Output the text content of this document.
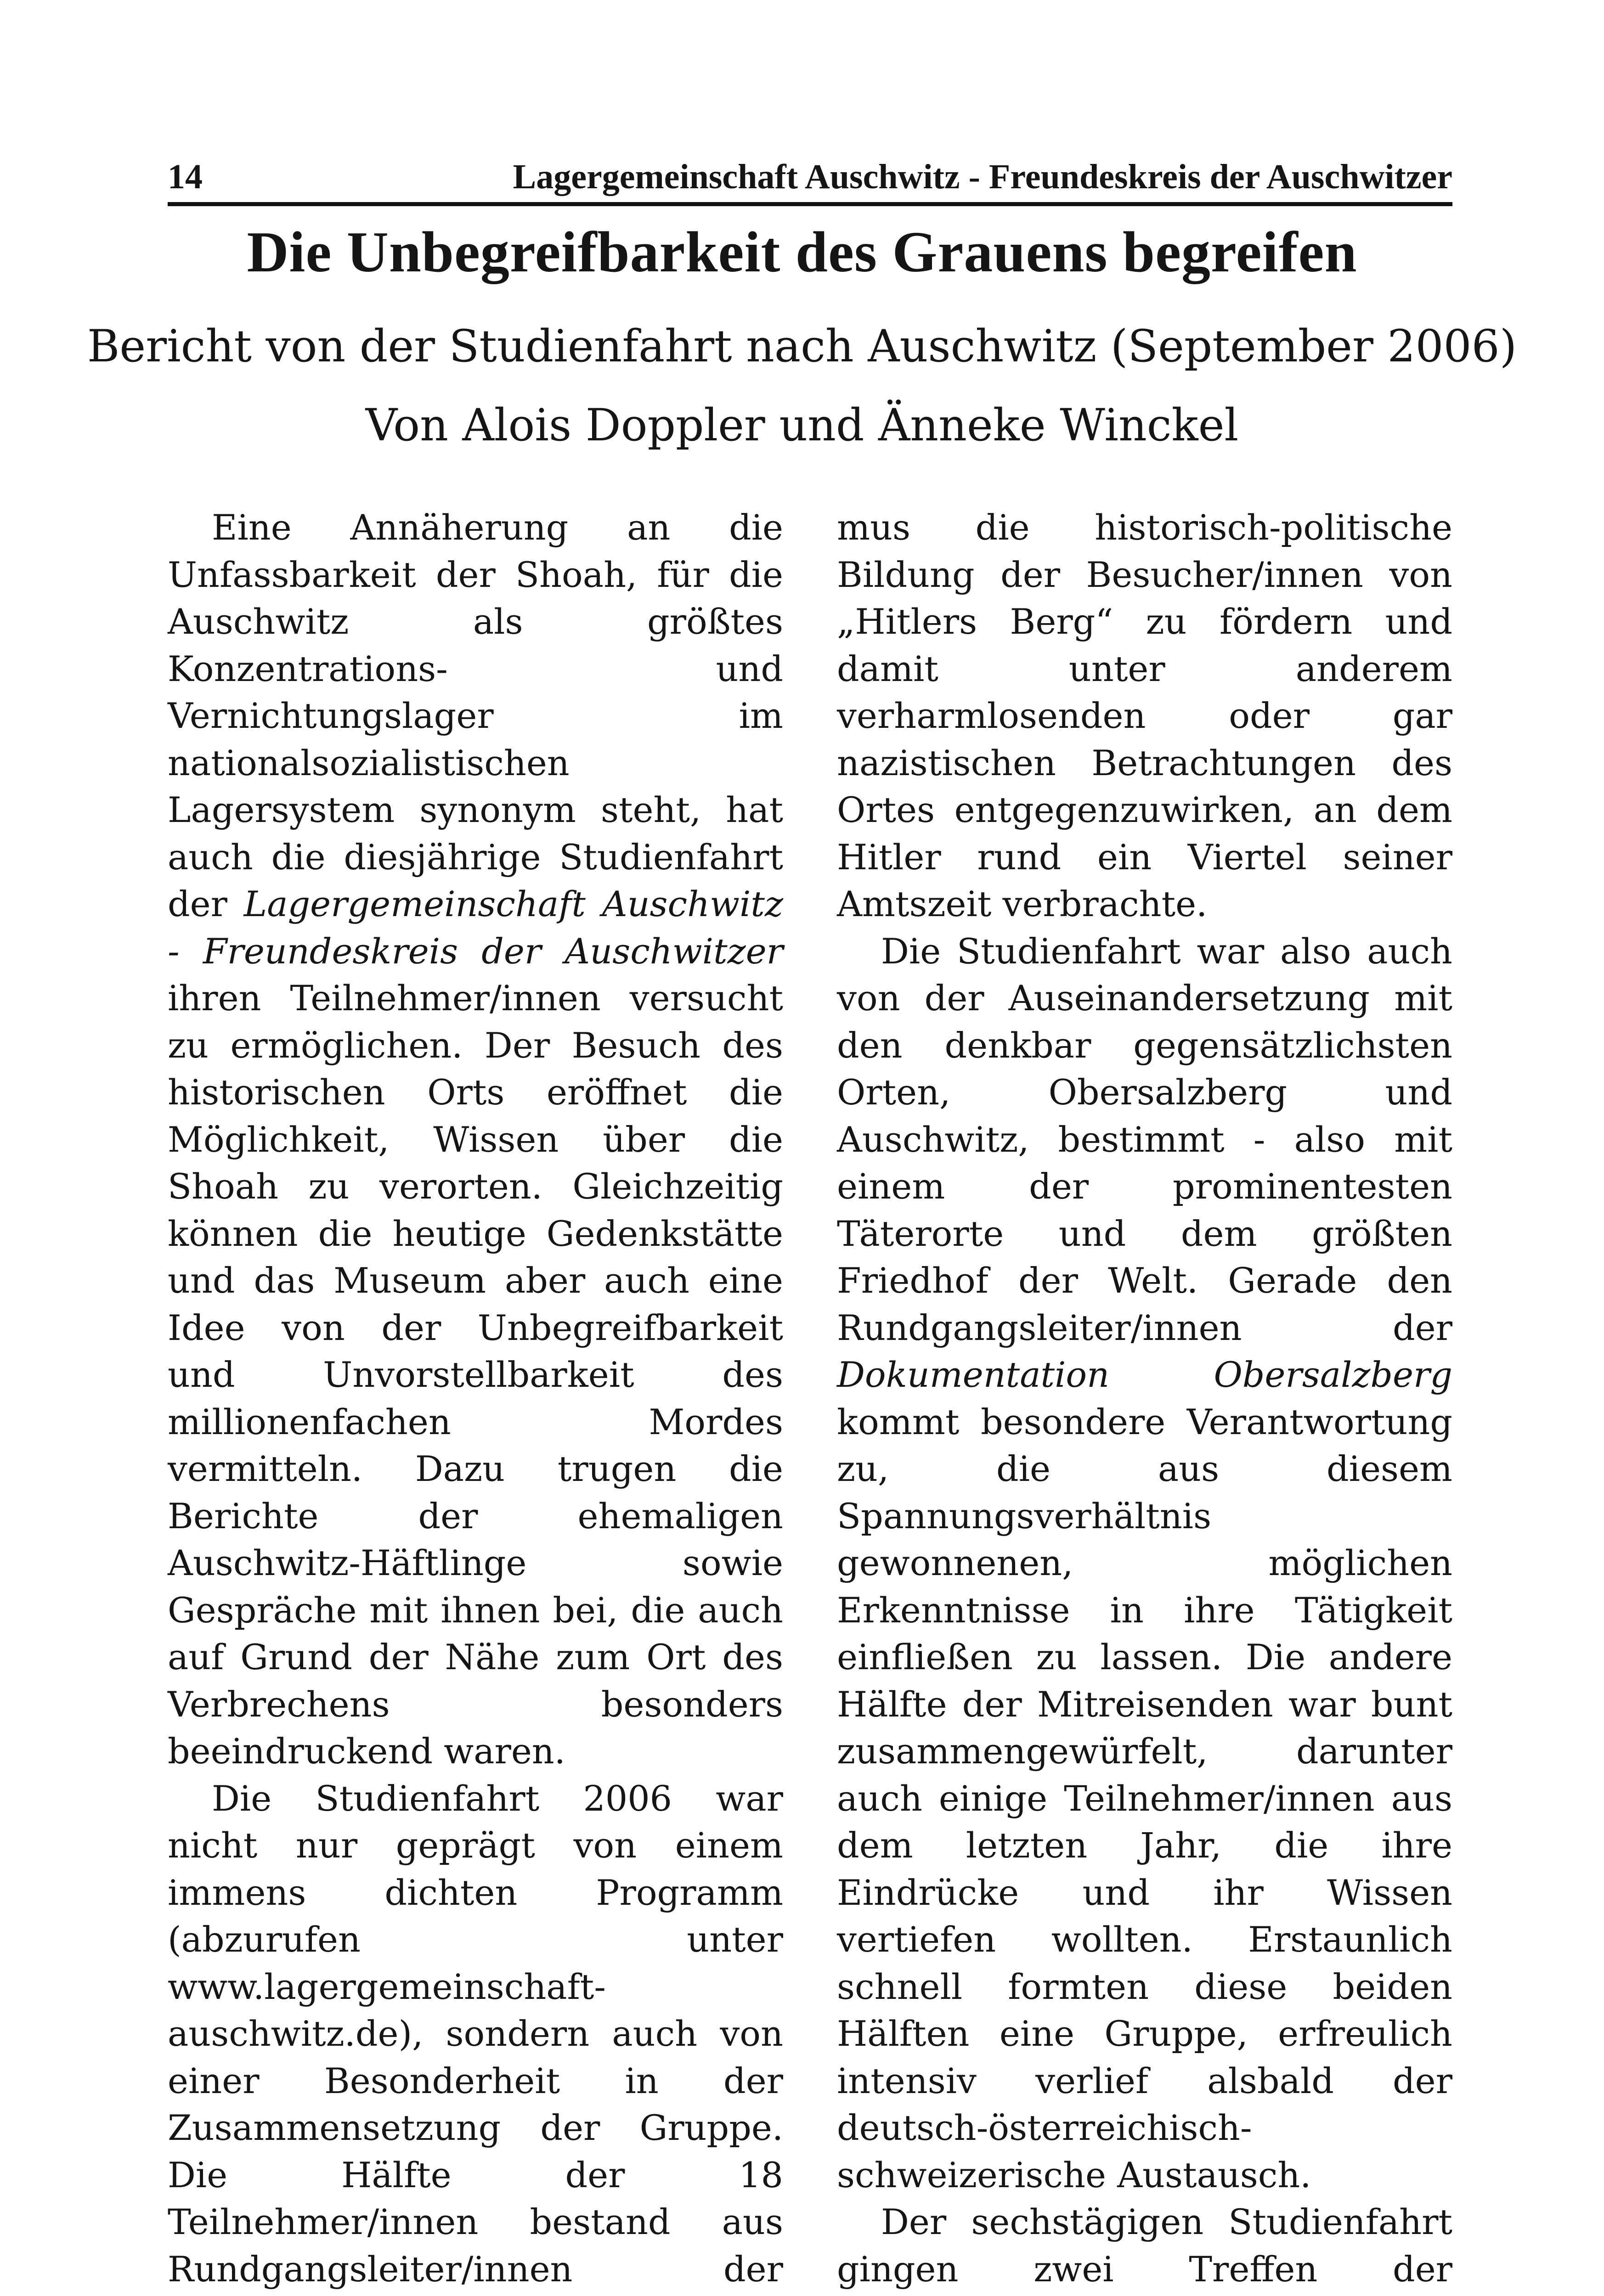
14	Lagergemeinschaft Auschwitz - Freundeskreis der Auschwitzer
Die Unbegreifbarkeit des Grauens begreifen
Bericht von der Studienfahrt nach Auschwitz (September 2006)
Von Alois Doppler und Änneke Winckel

Eine Annäherung an die Unfassbarkeit der Shoah, für die Auschwitz als größtes Konzentrations- und Vernichtungslager im nationalsozialistischen Lagersystem synonym steht, hat auch die diesjährige Studienfahrt der Lagergemeinschaft Auschwitz - Freundeskreis der Auschwitzer ihren Teilnehmer/innen versucht zu ermöglichen. Der Besuch des historischen Orts eröffnet die Möglichkeit, Wissen über die Shoah zu verorten. Gleichzeitig können die heutige Gedenkstätte und das Museum aber auch eine Idee von der Unbegreifbarkeit und Unvorstellbarkeit des millionenfachen Mordes vermitteln. Dazu trugen die Berichte der ehemaligen Auschwitz-Häftlinge sowie Gespräche mit ihnen bei, die auch auf Grund der Nähe zum Ort des Verbrechens besonders beeindruckend waren.

Die Studienfahrt 2006 war nicht nur geprägt von einem immens dichten Programm (abzurufen unter www.lagergemeinschaft-auschwitz.de), sondern auch von einer Besonderheit in der Zusammensetzung der Gruppe. Die Hälfte der 18 Teilnehmer/innen bestand aus Rundgangsleiter/innen der

mus die historisch-politische Bildung der Besucher/innen von „Hitlers Berg“ zu fördern und damit unter anderem verharmlosenden oder gar nazistischen Betrachtungen des Ortes entgegenzuwirken, an dem Hitler rund ein Viertel seiner Amtszeit verbrachte.

Die Studienfahrt war also auch von der Auseinandersetzung mit den denkbar gegensätzlichsten Orten, Obersalzberg und Auschwitz, bestimmt - also mit einem der prominentesten Täterorte und dem größten Friedhof der Welt. Gerade den Rundgangsleiter/innen der Dokumentation Obersalzberg kommt besondere Verantwortung zu, die aus diesem Spannungsverhältnis gewonnenen, möglichen Erkenntnisse in ihre Tätigkeit einfließen zu lassen. Die andere Hälfte der Mitreisenden war bunt zusammengewürfelt, darunter auch einige Teilnehmer/innen aus dem letzten Jahr, die ihre Eindrücke und ihr Wissen vertiefen wollten. Erstaunlich schnell formten diese beiden Hälften eine Gruppe, erfreulich intensiv verlief alsbald der deutsch-österreichisch-schweizerische Austausch.

Der sechstägigen Studienfahrt gingen zwei Treffen der
